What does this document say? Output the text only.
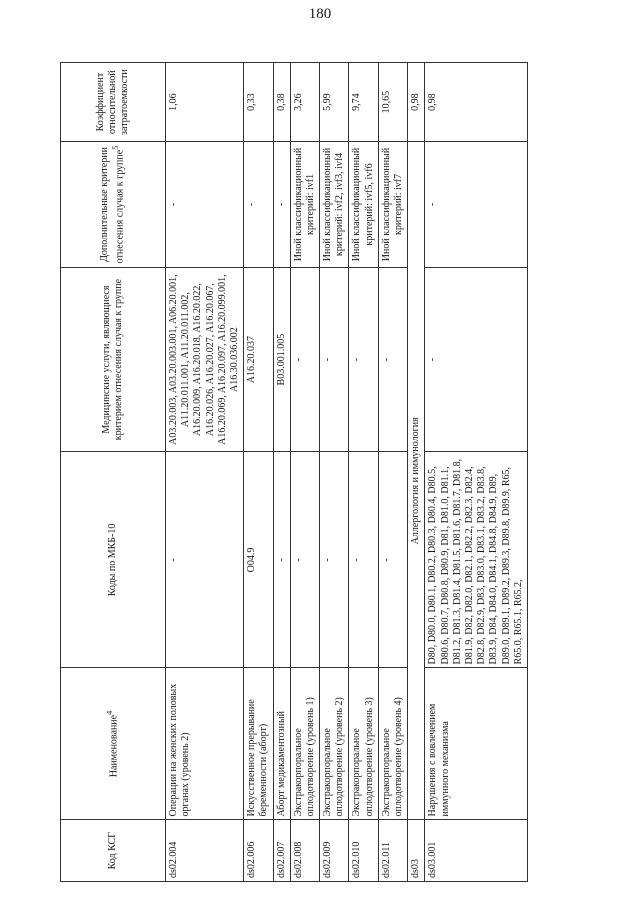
180
Код КСГ	Наименование$^4$	Коды по МКБ-10	Медицинские услуги, являющиеся критерием отнесения случая к группе	Дополнительные критерии отнесения случая к группе$^5$	Коэффициент относительной затратоемкости
ds02.004	Операции на женских половых органах (уровень 2)	-	A03.20.003, A03.20.003.001, A06.20.001, A11.20.011.001, A11.20.011.002, A16.20.009, A16.20.018, A16.20.022, A16.20.026, A16.20.027, A16.20.067, A16.20.069, A16.20.097, A16.20.099.001, A16.30.036.002	-	1,06
ds02.006	Искусственное прерывание беременности (аборт)	O04.9	A16.20.037	-	0,33
ds02.007	Аборт медикаментозный	-	B03.001.005	-	0,38
ds02.008	Экстракорпоральное оплодотворение (уровень 1)	-	-	Иной классификационный критерий: ivf1	3,26
ds02.009	Экстракорпоральное оплодотворение (уровень 2)	-	-	Иной классификационный критерий: ivf2, ivf3, ivf4	5,99
ds02.010	Экстракорпоральное оплодотворение (уровень 3)	-	-	Иной классификационный критерий: ivf5, ivf6	9,74
ds02.011	Экстракорпоральное оплодотворение (уровень 4)	-	-	Иной классификационный критерий: ivf7	10,65
ds03	Аллергология и иммунология				0,98
ds03.001	Нарушения с вовлечением иммунного механизма	D80, D80.0, D80.1, D80.2, D80.3, D80.4, D80.5, D80.6, D80.7, D80.8, D80.9, D81, D81.0, D81.1, D81.2, D81.3, D81.4, D81.5, D81.6, D81.7, D81.8, D81.9, D82, D82.0, D82.1, D82.2, D82.3, D82.4, D82.8, D82.9, D83, D83.0, D83.1, D83.2, D83.8, D83.9, D84, D84.0, D84.1, D84.8, D84.9, D89, D89.0, D89.1, D89.2, D89.3, D89.8, D89.9, R65, R65.0, R65.1, R65.2,	-	-	0,98
